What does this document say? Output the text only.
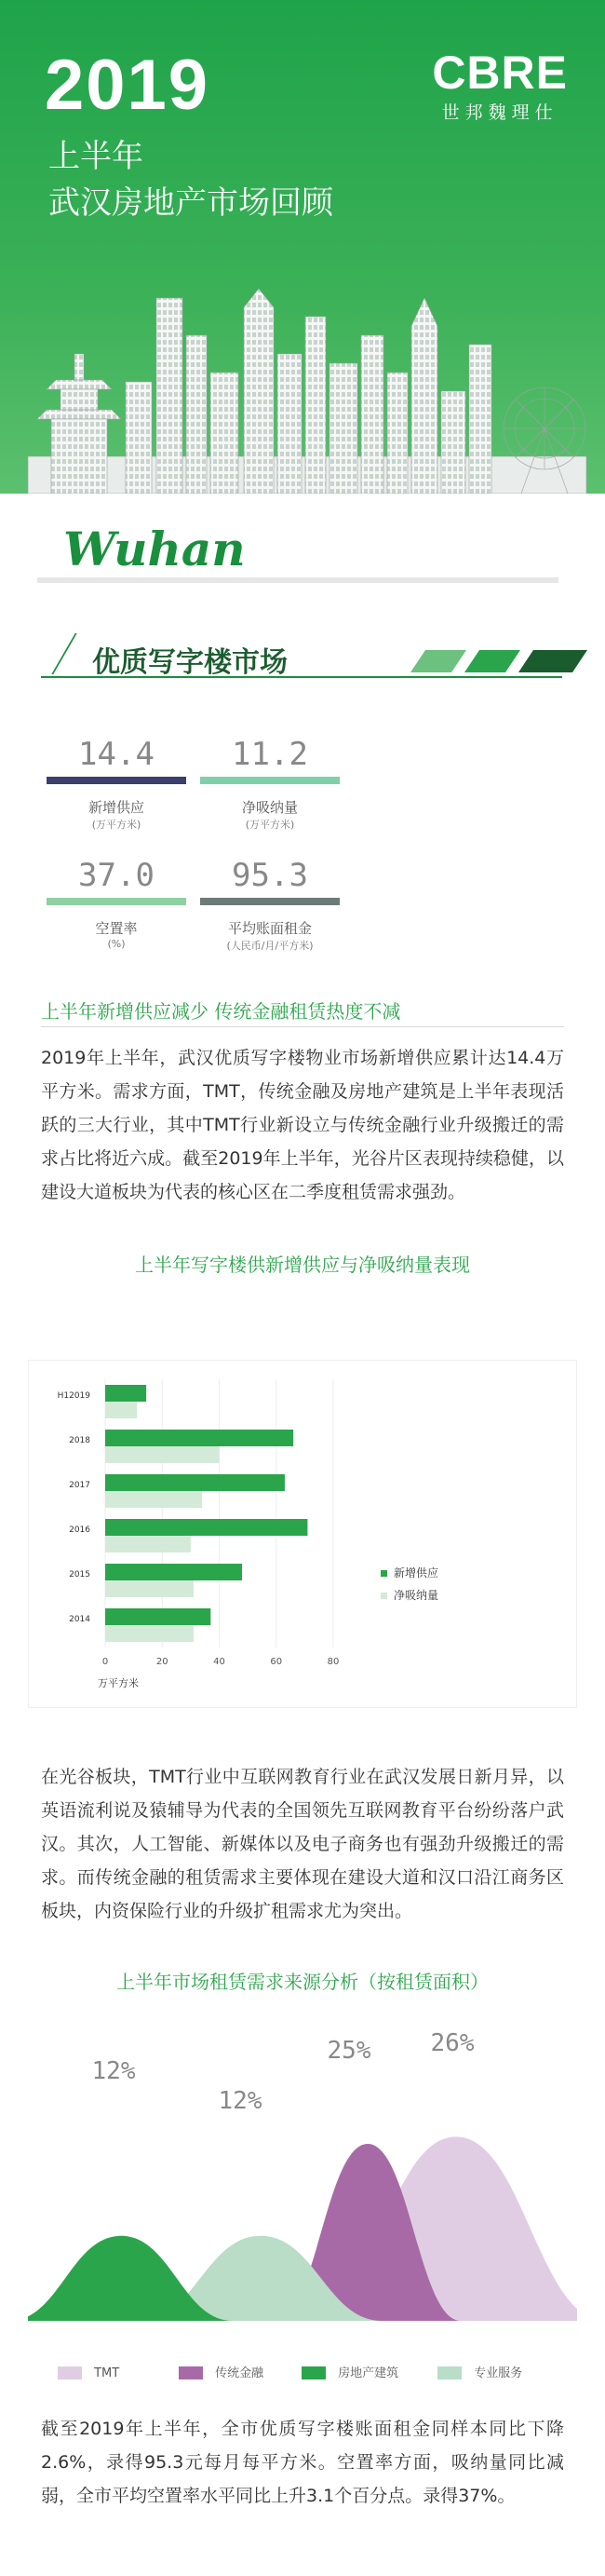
2019
上半年
武汉房地产市场回顾
CBRE
世邦魏理仕
Wuhan
优质写字楼市场
14.4
新增供应
(万平方米)
11.2
净吸纳量
(万平方米)
37.0
空置率
(%)
95.3
平均账面租金
(人民币/月/平方米)
上半年新增供应减少 传统金融租赁热度不减
2019年上半年，武汉优质写字楼物业市场新增供应累计达14.4万平方米。需求方面，TMT，传统金融及房地产建筑是上半年表现活跃的三大行业，其中TMT行业新设立与传统金融行业升级搬迁的需求占比将近六成。截至2019年上半年，光谷片区表现持续稳健，以建设大道板块为代表的核心区在二季度租赁需求强劲。
上半年写字楼供新增供应与净吸纳量表现
0	20	40	60	80
万平方米
H12019
2018
2017
2016
2015
2014
新增供应
净吸纳量
在光谷板块，TMT行业中互联网教育行业在武汉发展日新月异，以英语流利说及猿辅导为代表的全国领先互联网教育平台纷纷落户武汉。其次，人工智能、新媒体以及电子商务也有强劲升级搬迁的需求。而传统金融的租赁需求主要体现在建设大道和汉口沿江商务区板块，内资保险行业的升级扩租需求尤为突出。
上半年市场租赁需求来源分析（按租赁面积）
26%
25%
12%
12%
TMT	传统金融	房地产建筑	专业服务
截至2019年上半年，全市优质写字楼账面租金同样本同比下降2.6%，录得95.3元每月每平方米。空置率方面，吸纳量同比减弱，全市平均空置率水平同比上升3.1个百分点。录得37%。
